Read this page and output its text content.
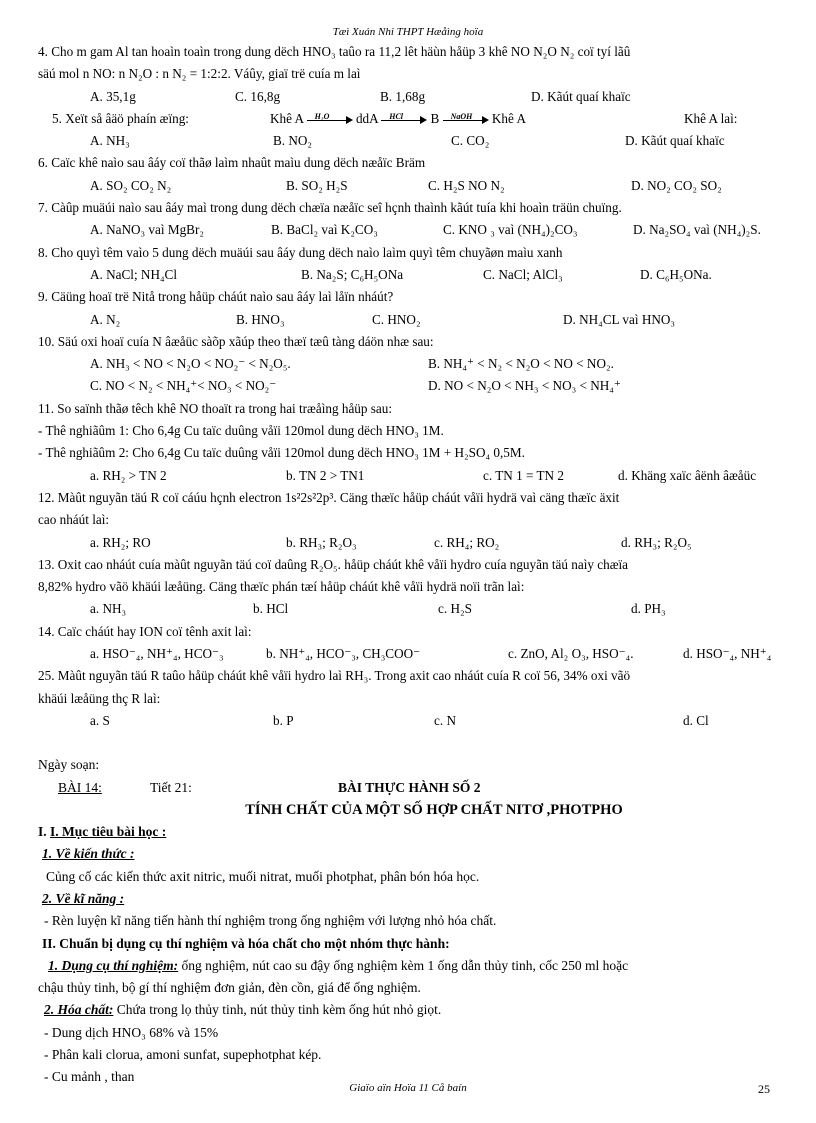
Tæì Xuán Nhi THPT Hæåìng hoïa
4. Cho m gam Al tan hoaìn toaìn trong dung dëch HNO₃ taûo ra 11,2 lêt häùn håüp 3 khê NO N₂O N₂ coï tyí lãû
säú mol n NO: n N₂O : n N₂ = 1:2:2. Váûy, giaï trë cuía m laì
A. 35,1g	C. 16,8g	B. 1,68g	D. Kãút quaí khaïc
5. Xeït så âäö phaín æïng:	Khê A H₂O ddA HCl B NaOH Khê A	Khê A laì:
A. NH₃	B. NO₂	C. CO₂	D. Kãút quaí khaïc
6. Caïc khê naìo sau âáy coï thãø laìm nhaût maìu dung dëch næåïc Bräm
A. SO₂ CO₂ N₂	B. SO₂ H₂S	C. H₂S NO N₂	D. NO₂ CO₂ SO₂
7. Càûp muäúi naìo sau âáy maì trong dung dëch chæïa næåïc seî hçnh thaình kãút tuía khi hoaìn träün chuïng.
A. NaNO₃ vaì MgBr₂	B. BaCl₂ vaì K₂CO₃	C. KNO ₃ vaì (NH₄)₂CO₃	D. Na₂SO₄ vaì (NH₄)₂S.
8. Cho quyì têm vaìo 5 dung dëch muäúi sau âáy dung dëch naìo laìm quyì têm chuyãøn maìu xanh
A. NaCl; NH₄Cl	B. Na₂S; C₆H₅ONa	C. NaCl; AlCl₃	D. C₆H₅ONa.
9. Cäüng hoaï trë Nitå trong håüp cháút naìo sau âáy laì låïn nháút?
A. N₂	B. HNO₃	C. HNO₂	D. NH₄CL vaì HNO₃
10. Säú oxi hoaï cuía N âæåüc sàõp xãúp theo thæï tæû tàng dáön nhæ sau:
A. NH₃ < NO < N₂O < NO₂⁻ < N₂O₅.	B. NH₄⁺ < N₂ < N₂O < NO < NO₂.
C. NO < N₂ < NH₄⁺< NO₃ < NO₂⁻	D. NO < N₂O < NH₃ < NO₃ < NH₄⁺
11. So saïnh thãø têch khê NO thoaït ra trong hai træåìng håüp sau:
- Thê nghiãûm 1: Cho 6,4g Cu taïc duûng våïi 120mol dung dëch HNO₃ 1M.
- Thê nghiãûm 2: Cho 6,4g Cu taïc duûng våïi 120mol dung dëch HNO₃ 1M + H₂SO₄ 0,5M.
a. RH₂ > TN 2	b. TN 2 > TN1	c. TN 1 = TN 2	d. Khäng xaïc âënh âæåüc
12. Màût nguyãn täú R coï cáúu hçnh electron 1s²2s²2p³. Cäng thæïc håüp cháút våïi hydrä vaì cäng thæïc äxit
cao nháút laì:
a. RH₂; RO	b. RH₃; R₂O₃	c. RH₄; RO₂	d. RH₃; R₂O₅
13. Oxit cao nháút cuía màût nguyãn täú coï daûng R₂O₅. håüp cháút khê våïi hydro cuía nguyãn täú naìy chæïa
8,82% hydro vãö khäúi læåüng. Cäng thæïc phán tæí håüp cháút khê våïi hydrä noïi trãn laì:
a. NH₃	b. HCl	c. H₂S	d. PH₃
14. Caïc cháút hay ION coï tênh axit laì:
a. HSO⁻₄, NH⁺₄, HCO⁻₃	b. NH⁺₄, HCO⁻₃, CH₃COO⁻	c. ZnO, Al₂ O₃, HSO⁻₄.	d. HSO⁻₄, NH⁺₄
25. Màût nguyãn täú R taûo håüp cháút khê våïi hydro laì RH₃. Trong axit cao nháút cuía R coï 56, 34% oxi vãö
khäúi læåüng thç R laì:
a. S	b. P	c. N	d. Cl
Ngày soạn:
BÀI 14:	Tiết 21:	BÀI THỰC HÀNH SỐ 2
TÍNH CHẤT CỦA MỘT SỐ HỢP CHẤT NITƠ ,PHOTPHO
I. I. Mục tiêu bài học :
1. Về kiến thức :
Củng cố các kiến thức axit nitric, muối nitrat, muối photphat, phân bón hóa học.
2. Về kĩ năng :
- Rèn luyện kĩ năng tiến hành thí nghiệm trong ống nghiệm với lượng nhỏ hóa chất.
II. Chuẩn bị dụng cụ thí nghiệm và hóa chất cho một nhóm thực hành:
1. Dụng cụ thí nghiệm: ống nghiệm, nút cao su đậy ống nghiệm kèm 1 ống dẫn thủy tinh, cốc 250 ml hoặc
chậu thủy tinh, bộ gí thí nghiệm đơn giản, đèn cồn, giá để ống nghiệm.
2. Hóa chất: Chứa trong lọ thủy tinh, nút thủy tinh kèm ống hút nhỏ giọt.
- Dung dịch HNO₃ 68% và 15%
- Phân kali clorua, amoni sunfat, supephotphat kép.
- Cu mảnh , than
Giaïo aïn Hoïa 11 Cå baín	25
